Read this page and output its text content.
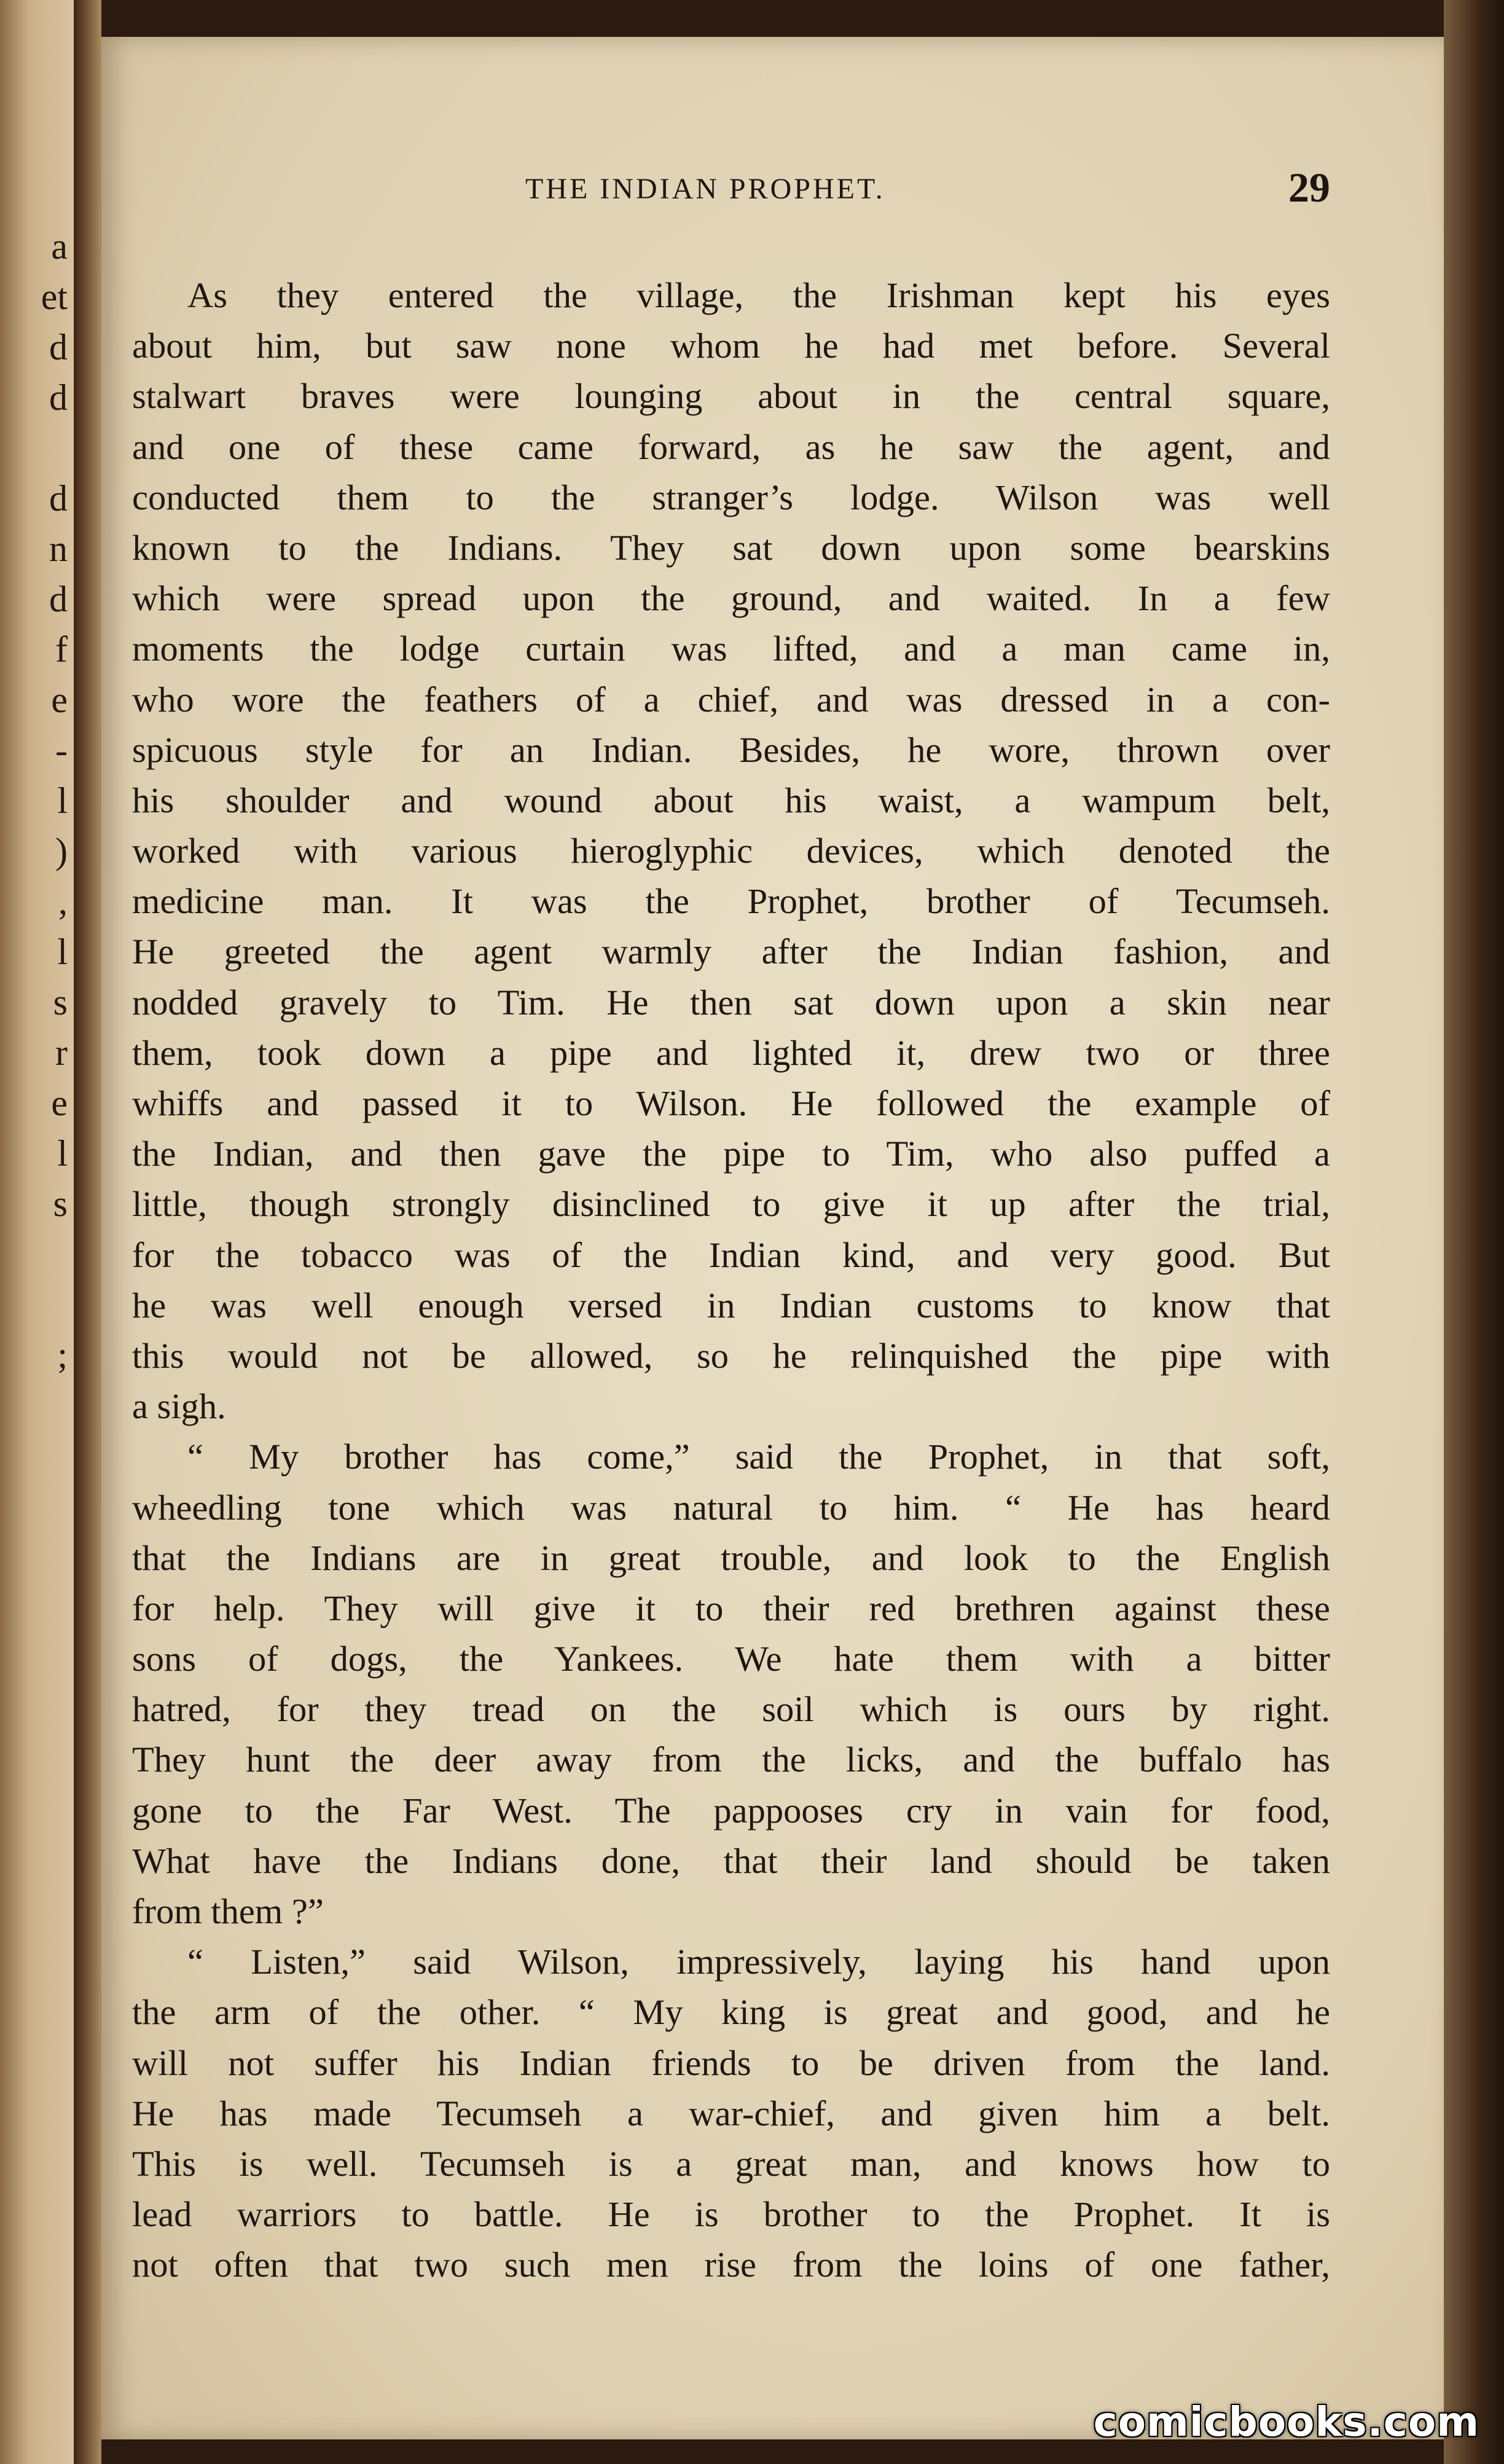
a
et
d
d
d
n
d
f
e
-
l
)
,
l
s
r
e
l
s
;
THE INDIAN PROPHET.	29
As they entered the village, the Irishman kept his eyes
about him, but saw none whom he had met before. Several
stalwart braves were lounging about in the central square,
and one of these came forward, as he saw the agent, and
conducted them to the stranger’s lodge. Wilson was well
known to the Indians. They sat down upon some bearskins
which were spread upon the ground, and waited. In a few
moments the lodge curtain was lifted, and a man came in,
who wore the feathers of a chief, and was dressed in a con-
spicuous style for an Indian. Besides, he wore, thrown over
his shoulder and wound about his waist, a wampum belt,
worked with various hieroglyphic devices, which denoted the
medicine man. It was the Prophet, brother of Tecumseh.
He greeted the agent warmly after the Indian fashion, and
nodded gravely to Tim. He then sat down upon a skin near
them, took down a pipe and lighted it, drew two or three
whiffs and passed it to Wilson. He followed the example of
the Indian, and then gave the pipe to Tim, who also puffed a
little, though strongly disinclined to give it up after the trial,
for the tobacco was of the Indian kind, and very good. But
he was well enough versed in Indian customs to know that
this would not be allowed, so he relinquished the pipe with
a sigh.
“ My brother has come,” said the Prophet, in that soft,
wheedling tone which was natural to him. “ He has heard
that the Indians are in great trouble, and look to the English
for help. They will give it to their red brethren against these
sons of dogs, the Yankees. We hate them with a bitter
hatred, for they tread on the soil which is ours by right.
They hunt the deer away from the licks, and the buffalo has
gone to the Far West. The pappooses cry in vain for food,
What have the Indians done, that their land should be taken
from them ?”
“ Listen,” said Wilson, impressively, laying his hand upon
the arm of the other. “ My king is great and good, and he
will not suffer his Indian friends to be driven from the land.
He has made Tecumseh a war-chief, and given him a belt.
This is well. Tecumseh is a great man, and knows how to
lead warriors to battle. He is brother to the Prophet. It is
not often that two such men rise from the loins of one father,
comicbooks.com
